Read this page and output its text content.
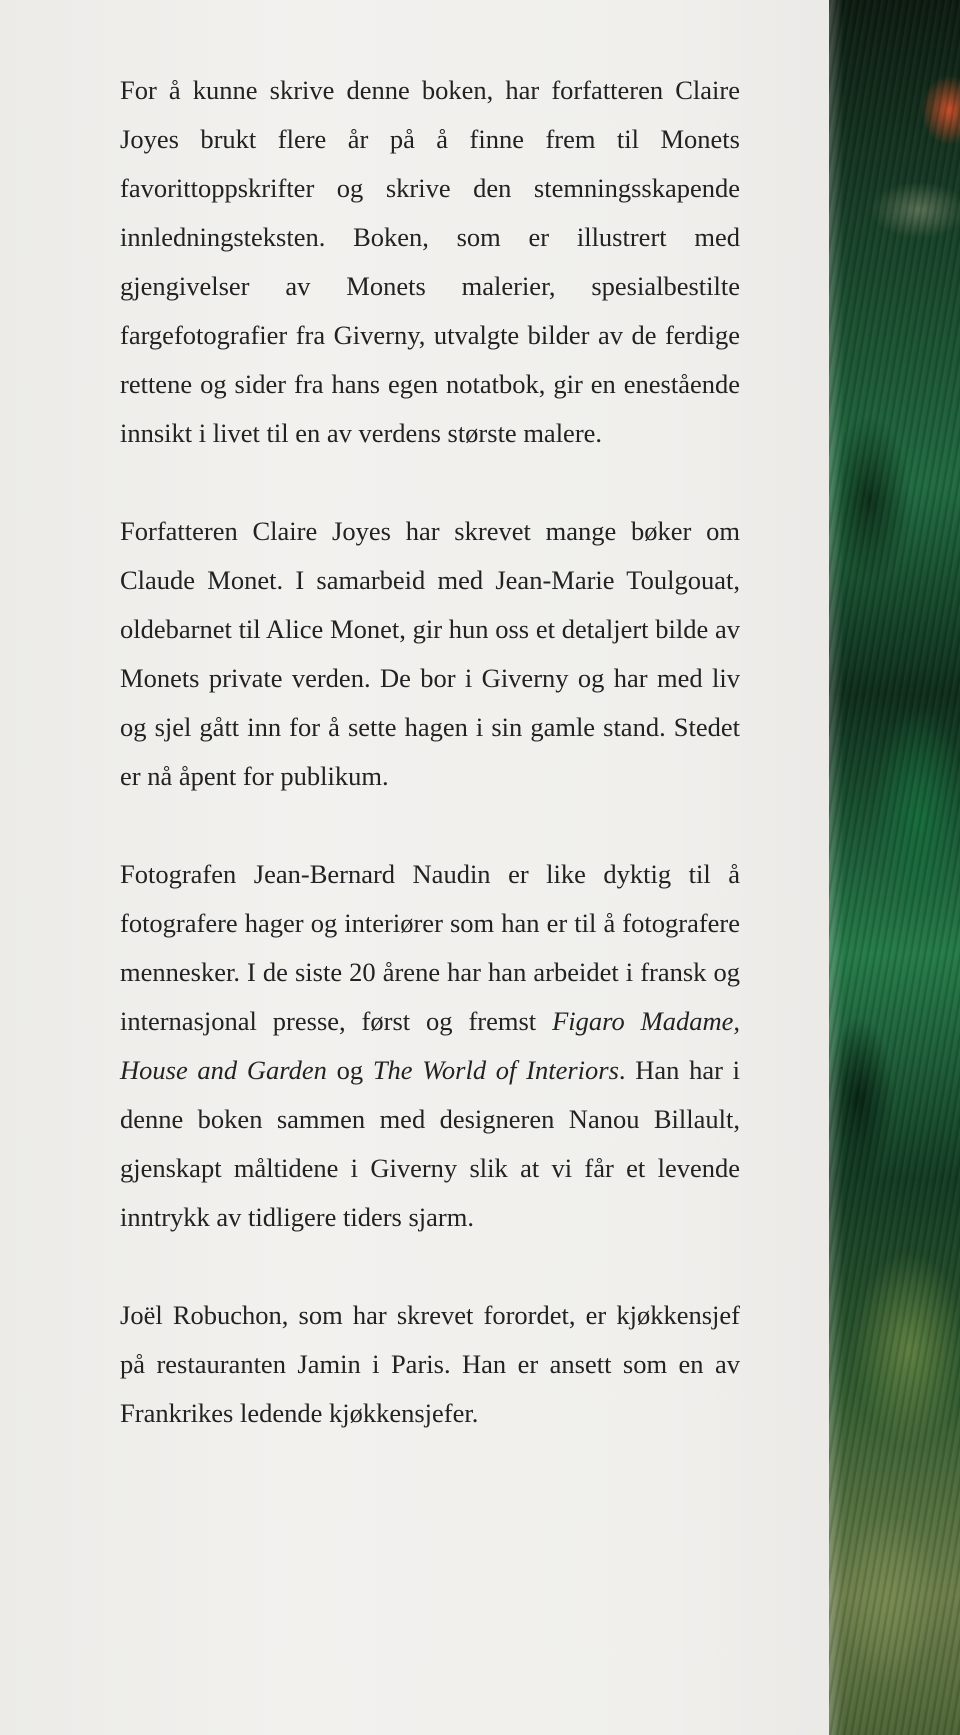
For å kunne skrive denne boken, har forfatteren Claire Joyes brukt flere år på å finne frem til Monets favorittoppskrifter og skrive den stemningsskapende innledningsteksten. Boken, som er illustrert med gjengivelser av Monets malerier, spesialbestilte fargefotografier fra Giverny, utvalgte bilder av de ferdige rettene og sider fra hans egen notatbok, gir en enestående innsikt i livet til en av verdens største malere.

Forfatteren Claire Joyes har skrevet mange bøker om Claude Monet. I samarbeid med Jean-Marie Toulgouat, oldebarnet til Alice Monet, gir hun oss et detaljert bilde av Monets private verden. De bor i Giverny og har med liv og sjel gått inn for å sette hagen i sin gamle stand. Stedet er nå åpent for publikum.

Fotografen Jean-Bernard Naudin er like dyktig til å fotografere hager og interiører som han er til å fotografere mennesker. I de siste 20 årene har han arbeidet i fransk og internasjonal presse, først og fremst Figaro Madame, House and Garden og The World of Interiors. Han har i denne boken sammen med designeren Nanou Billault, gjenskapt måltidene i Giverny slik at vi får et levende inntrykk av tidligere tiders sjarm.

Joël Robuchon, som har skrevet forordet, er kjøkkensjef på restauranten Jamin i Paris. Han er ansett som en av Frankrikes ledende kjøkkensjefer.
